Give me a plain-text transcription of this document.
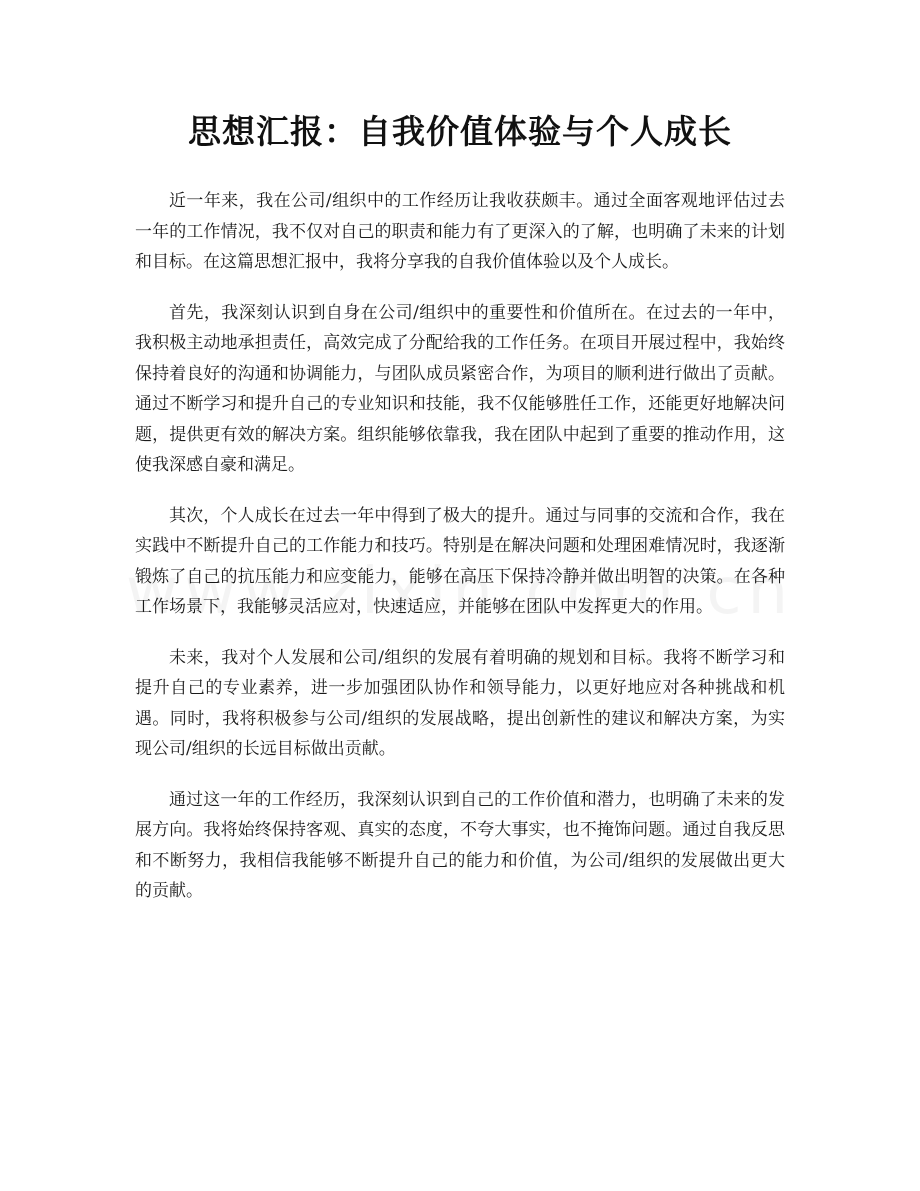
思想汇报：自我价值体验与个人成长

近一年来，我在公司/组织中的工作经历让我收获颇丰。通过全面客观地评估过去一年的工作情况，我不仅对自己的职责和能力有了更深入的了解，也明确了未来的计划和目标。在这篇思想汇报中，我将分享我的自我价值体验以及个人成长。

首先，我深刻认识到自身在公司/组织中的重要性和价值所在。在过去的一年中，我积极主动地承担责任，高效完成了分配给我的工作任务。在项目开展过程中，我始终保持着良好的沟通和协调能力，与团队成员紧密合作，为项目的顺利进行做出了贡献。通过不断学习和提升自己的专业知识和技能，我不仅能够胜任工作，还能更好地解决问题，提供更有效的解决方案。组织能够依靠我，我在团队中起到了重要的推动作用，这使我深感自豪和满足。

其次，个人成长在过去一年中得到了极大的提升。通过与同事的交流和合作，我在实践中不断提升自己的工作能力和技巧。特别是在解决问题和处理困难情况时，我逐渐锻炼了自己的抗压能力和应变能力，能够在高压下保持冷静并做出明智的决策。在各种工作场景下，我能够灵活应对，快速适应，并能够在团队中发挥更大的作用。

未来，我对个人发展和公司/组织的发展有着明确的规划和目标。我将不断学习和提升自己的专业素养，进一步加强团队协作和领导能力，以更好地应对各种挑战和机遇。同时，我将积极参与公司/组织的发展战略，提出创新性的建议和解决方案，为实现公司/组织的长远目标做出贡献。

通过这一年的工作经历，我深刻认识到自己的工作价值和潜力，也明确了未来的发展方向。我将始终保持客观、真实的态度，不夸大事实，也不掩饰问题。通过自我反思和不断努力，我相信我能够不断提升自己的能力和价值，为公司/组织的发展做出更大的贡献。
